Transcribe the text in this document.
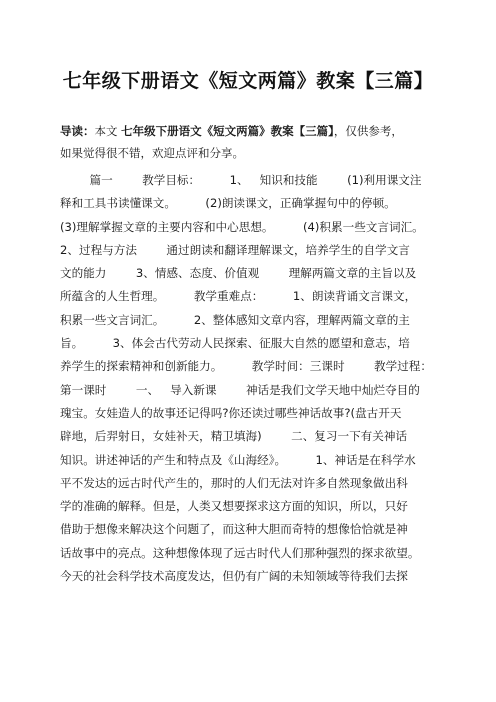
七年级下册语文《短文两篇》教案【三篇】
导读：本文 七年级下册语文《短文两篇》教案【三篇】，仅供参考，
如果觉得很不错，欢迎点评和分享。
篇一        教学目标：        1、   知识和技能        (1)利用课文注
释和工具书读懂课文。        (2)朗读课文，正确掌握句中的停顿。
(3)理解掌握文章的主要内容和中心思想。        (4)积累一些文言词汇。
2、过程与方法        通过朗读和翻译理解课文，培养学生的自学文言
文的能力        3、情感、态度、价值观        理解两篇文章的主旨以及
所蕴含的人生哲理。        教学重难点：        1、朗读背诵文言课文，
积累一些文言词汇。        2、整体感知文章内容，理解两篇文章的主
旨。        3、体会古代劳动人民探索、征服大自然的愿望和意志，培
养学生的探索精神和创新能力。        教学时间：三课时        教学过程：
第一课时        一、   导入新课        神话是我们文学天地中灿烂夺目的
瑰宝。女娃造人的故事还记得吗?你还读过哪些神话故事?(盘古开天
辟地，后羿射日，女娃补天，精卫填海)        二、复习一下有关神话
知识。讲述神话的产生和特点及《山海经》。        1、神话是在科学水
平不发达的远古时代产生的，那时的人们无法对许多自然现象做出科
学的准确的解释。但是，人类又想要探求这方面的知识，所以，只好
借助于想像来解决这个问题了，而这种大胆而奇特的想像恰恰就是神
话故事中的亮点。这种想像体现了远古时代人们那种强烈的探求欲望。
今天的社会科学技术高度发达，但仍有广阔的未知领域等待我们去探
